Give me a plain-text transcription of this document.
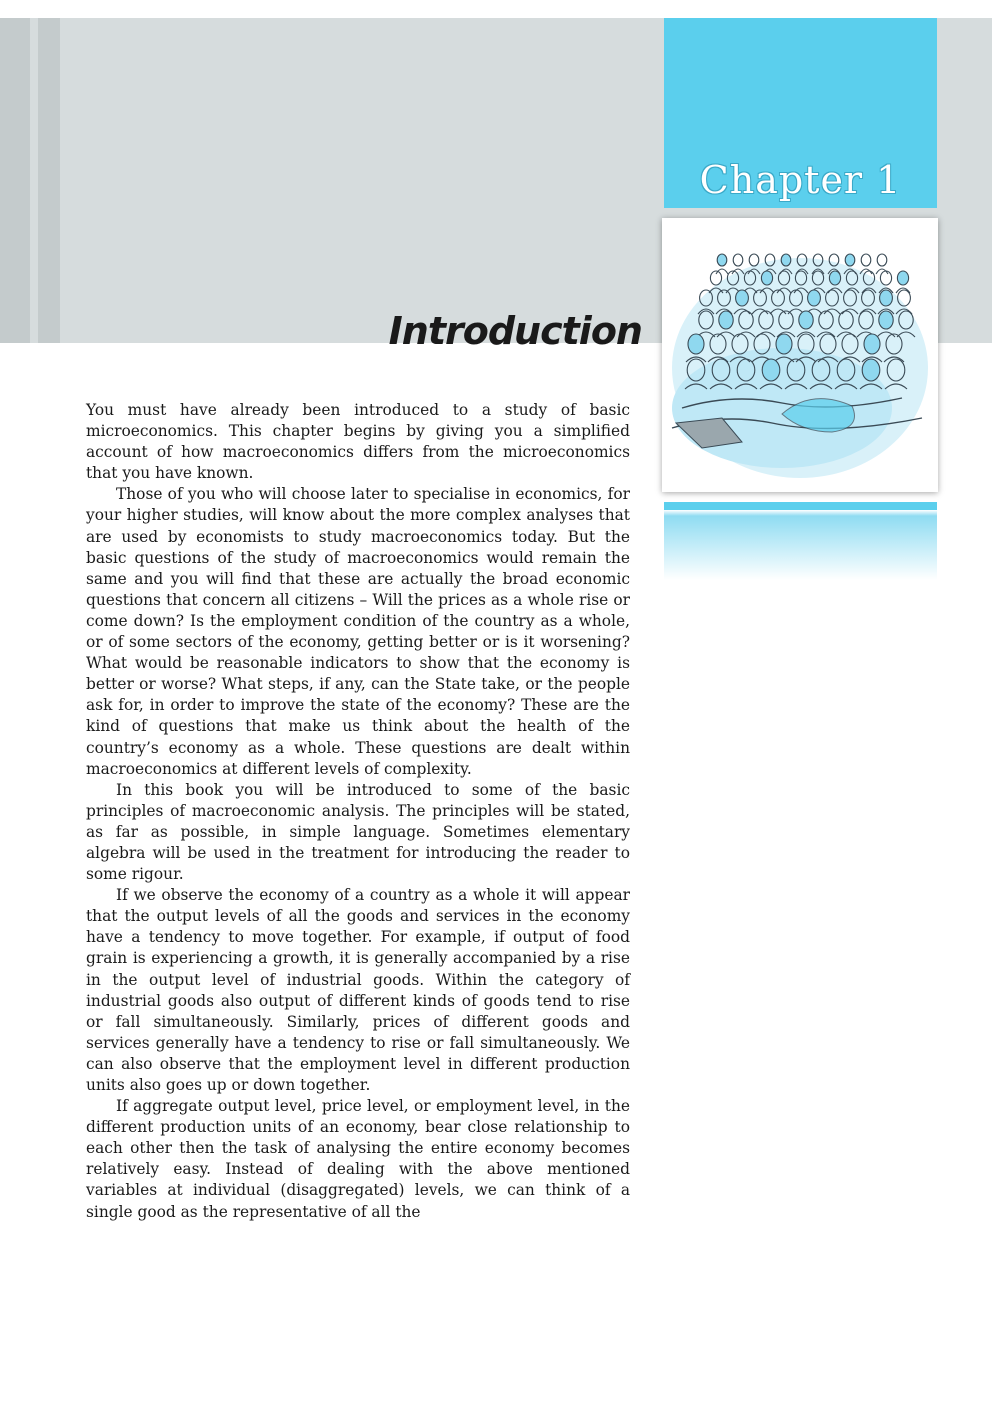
Chapter 1
Introduction

You must have already been introduced to a study of basic microeconomics. This chapter begins by giving you a simplified account of how macroeconomics differs from the microeconomics that you have known.

Those of you who will choose later to specialise in economics, for your higher studies, will know about the more complex analyses that are used by economists to study macroeconomics today. But the basic questions of the study of macroeconomics would remain the same and you will find that these are actually the broad economic questions that concern all citizens – Will the prices as a whole rise or come down? Is the employment condition of the country as a whole, or of some sectors of the economy, getting better or is it worsening? What would be reasonable indicators to show that the economy is better or worse? What steps, if any, can the State take, or the people ask for, in order to improve the state of the economy? These are the kind of questions that make us think about the health of the country’s economy as a whole. These questions are dealt within macroeconomics at different levels of complexity.

In this book you will be introduced to some of the basic principles of macroeconomic analysis. The principles will be stated, as far as possible, in simple language. Sometimes elementary algebra will be used in the treatment for introducing the reader to some rigour.

If we observe the economy of a country as a whole it will appear that the output levels of all the goods and services in the economy have a tendency to move together. For example, if output of food grain is experiencing a growth, it is generally accompanied by a rise in the output level of industrial goods. Within the category of industrial goods also output of different kinds of goods tend to rise or fall simultaneously. Similarly, prices of different goods and services generally have a tendency to rise or fall simultaneously. We can also observe that the employment level in different production units also goes up or down together.

If aggregate output level, price level, or employment level, in the different production units of an economy, bear close relationship to each other then the task of analysing the entire economy becomes relatively easy. Instead of dealing with the above mentioned variables at individual (disaggregated) levels, we can think of a single good as the representative of all the
